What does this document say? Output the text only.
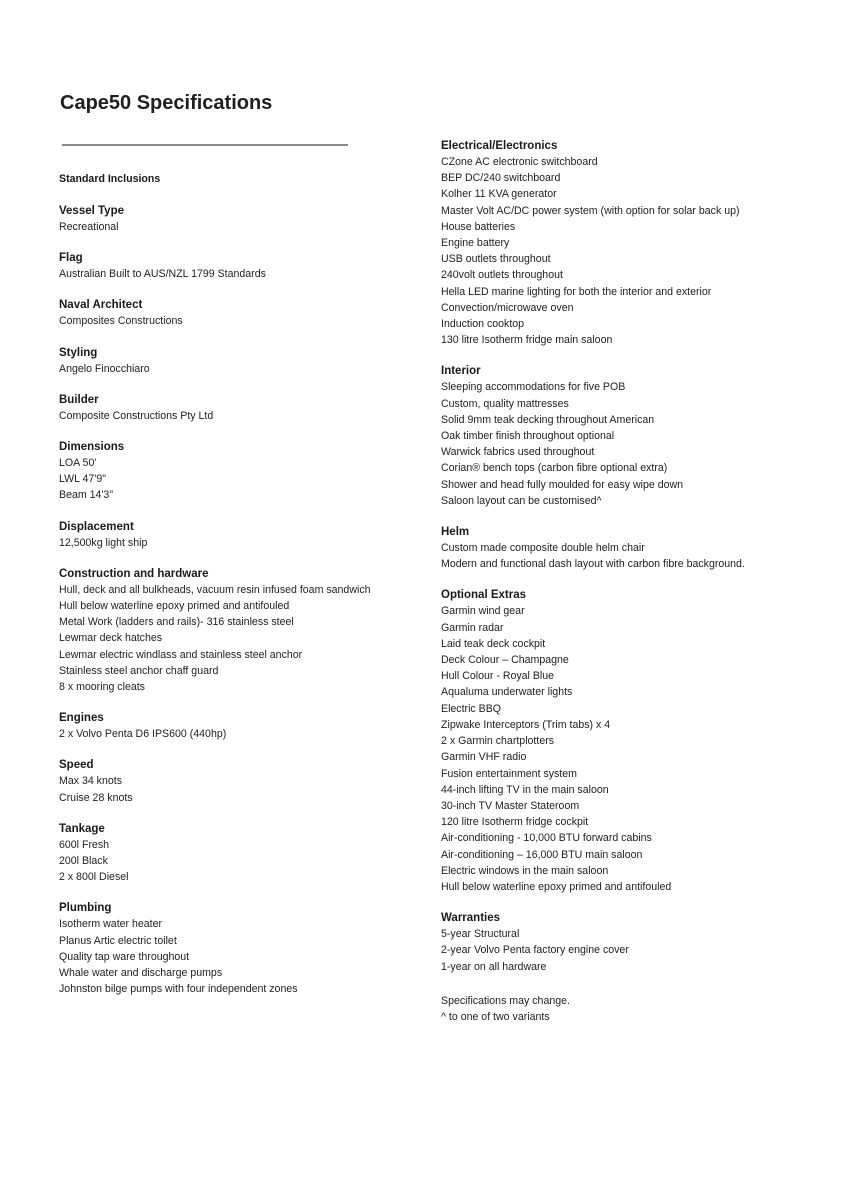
Cape50 Specifications
Standard Inclusions
Vessel Type
Recreational
Flag
Australian Built to AUS/NZL 1799 Standards
Naval Architect
Composites Constructions
Styling
Angelo Finocchiaro
Builder
Composite Constructions Pty Ltd
Dimensions
LOA 50'
LWL 47'9"
Beam 14'3"
Displacement
12,500kg light ship
Construction and hardware
Hull, deck and all bulkheads, vacuum resin infused foam sandwich
Hull below waterline epoxy primed and antifouled
Metal Work (ladders and rails)- 316 stainless steel
Lewmar deck hatches
Lewmar electric windlass and stainless steel anchor
Stainless steel anchor chaff guard
8 x mooring cleats
Engines
2 x Volvo Penta D6 IPS600 (440hp)
Speed
Max 34 knots
Cruise 28 knots
Tankage
600l Fresh
200l Black
2 x 800l Diesel
Plumbing
Isotherm water heater
Planus Artic electric toilet
Quality tap ware throughout
Whale water and discharge pumps
Johnston bilge pumps with four independent zones
Electrical/Electronics
CZone AC electronic switchboard
BEP DC/240 switchboard
Kolher 11 KVA generator
Master Volt AC/DC power system (with option for solar back up)
House batteries
Engine battery
USB outlets throughout
240volt outlets throughout
Hella LED marine lighting for both the interior and exterior
Convection/microwave oven
Induction cooktop
130 litre Isotherm fridge main saloon
Interior
Sleeping accommodations for five POB
Custom, quality mattresses
Solid 9mm teak decking throughout American
Oak timber finish throughout optional
Warwick fabrics used throughout
Corian® bench tops (carbon fibre optional extra)
Shower and head fully moulded for easy wipe down
Saloon layout can be customised^
Helm
Custom made composite double helm chair
Modern and functional dash layout with carbon fibre background.
Optional Extras
Garmin wind gear
Garmin radar
Laid teak deck cockpit
Deck Colour – Champagne
Hull Colour - Royal Blue
Aqualuma underwater lights
Electric BBQ
Zipwake Interceptors (Trim tabs) x 4
2 x Garmin chartplotters
Garmin VHF radio
Fusion entertainment system
44-inch lifting TV in the main saloon
30-inch TV Master Stateroom
120 litre Isotherm fridge cockpit
Air-conditioning - 10,000 BTU forward cabins
Air-conditioning – 16,000 BTU main saloon
Electric windows in the main saloon
Hull below waterline epoxy primed and antifouled
Warranties
5-year Structural
2-year Volvo Penta factory engine cover
1-year on all hardware
Specifications may change.
^ to one of two variants
